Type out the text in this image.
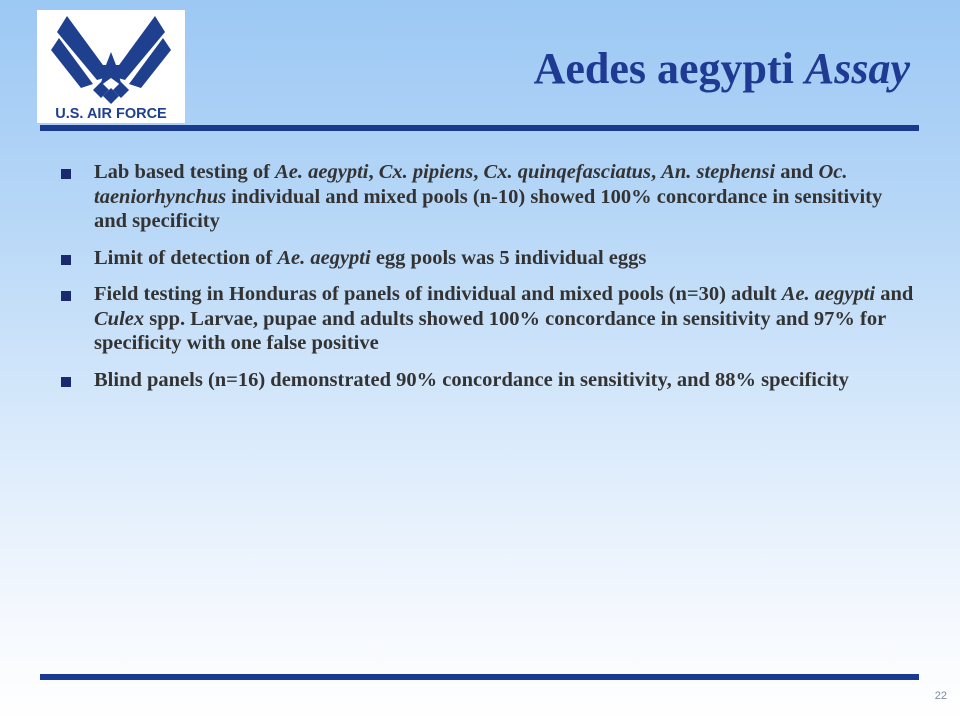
U.S. AIR FORCE
Aedes aegypti Assay
Lab based testing of Ae. aegypti, Cx. pipiens, Cx. quinqefasciatus, An. stephensi and Oc. taeniorhynchus individual and mixed pools (n-10) showed 100% concordance in sensitivity and specificity
Limit of detection of Ae. aegypti egg pools was 5 individual eggs
Field testing in Honduras of panels of individual and mixed pools (n=30) adult Ae. aegypti and Culex spp. Larvae, pupae and adults showed 100% concordance in sensitivity and 97% for specificity with one false positive
Blind panels (n=16) demonstrated 90% concordance in sensitivity, and 88% specificity
22
